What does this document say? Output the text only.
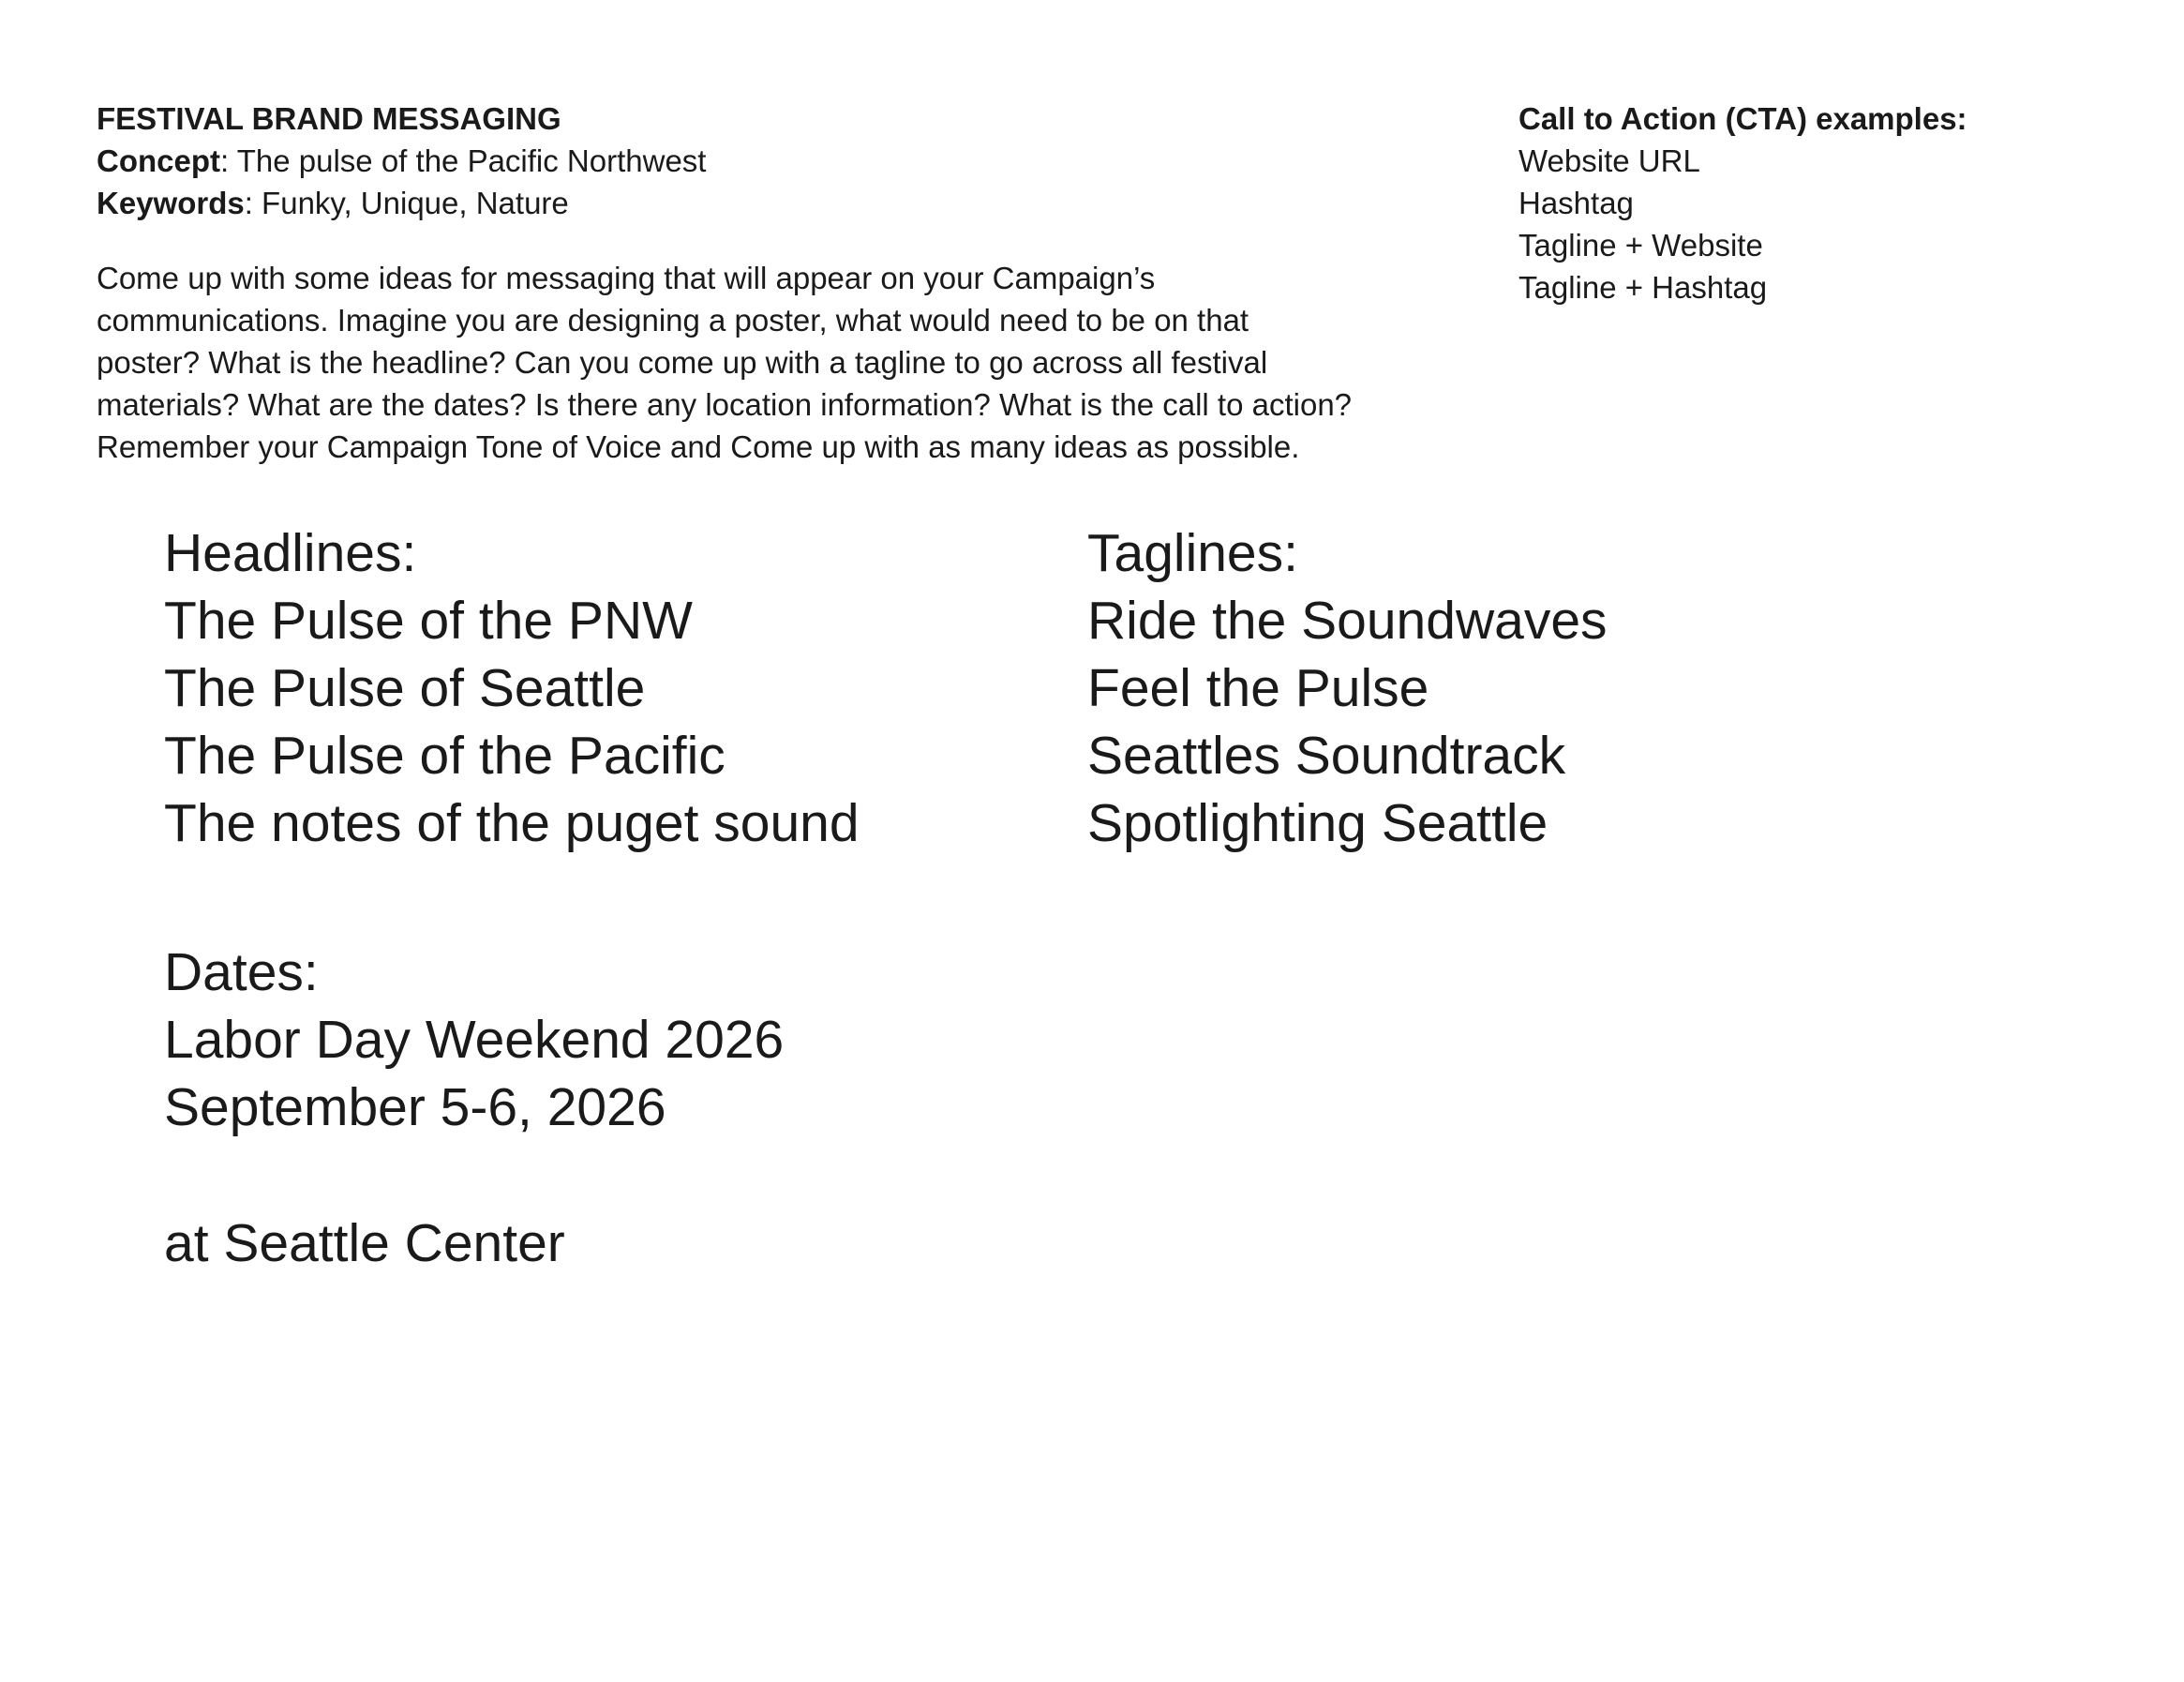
FESTIVAL BRAND MESSAGING
Concept: The pulse of the Pacific Northwest
Keywords: Funky, Unique, Nature
Come up with some ideas for messaging that will appear on your Campaign’s
communications. Imagine you are designing a poster, what would need to be on that
poster? What is the headline? Can you come up with a tagline to go across all festival
materials? What are the dates? Is there any location information? What is the call to action?
Remember your Campaign Tone of Voice and Come up with as many ideas as possible.
Call to Action (CTA) examples:
Website URL
Hashtag
Tagline + Website
Tagline + Hashtag
Headlines:
The Pulse of the PNW
The Pulse of Seattle
The Pulse of the Pacific
The notes of the puget sound
Taglines:
Ride the Soundwaves
Feel the Pulse
Seattles Soundtrack
Spotlighting Seattle
Dates:
Labor Day Weekend 2026
September 5-6, 2026
at Seattle Center
